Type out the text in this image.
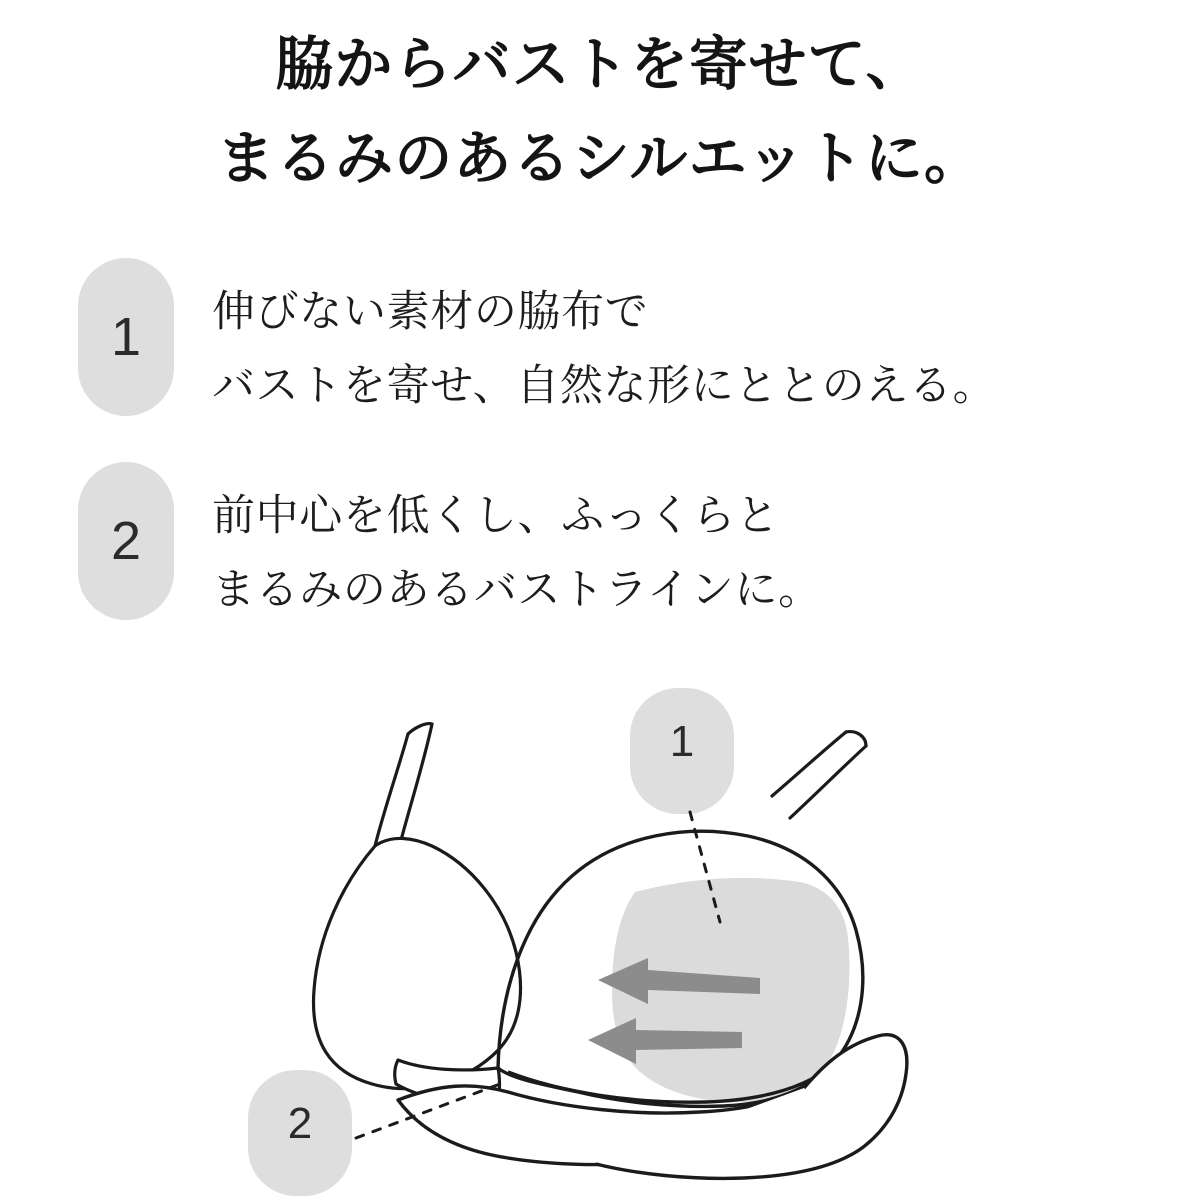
脇からバストを寄せて、
まるみのあるシルエットに。
1	伸びない素材の脇布で
バストを寄せ、自然な形にととのえる。
2	前中心を低くし、ふっくらと
まるみのあるバストラインに。
1
2
